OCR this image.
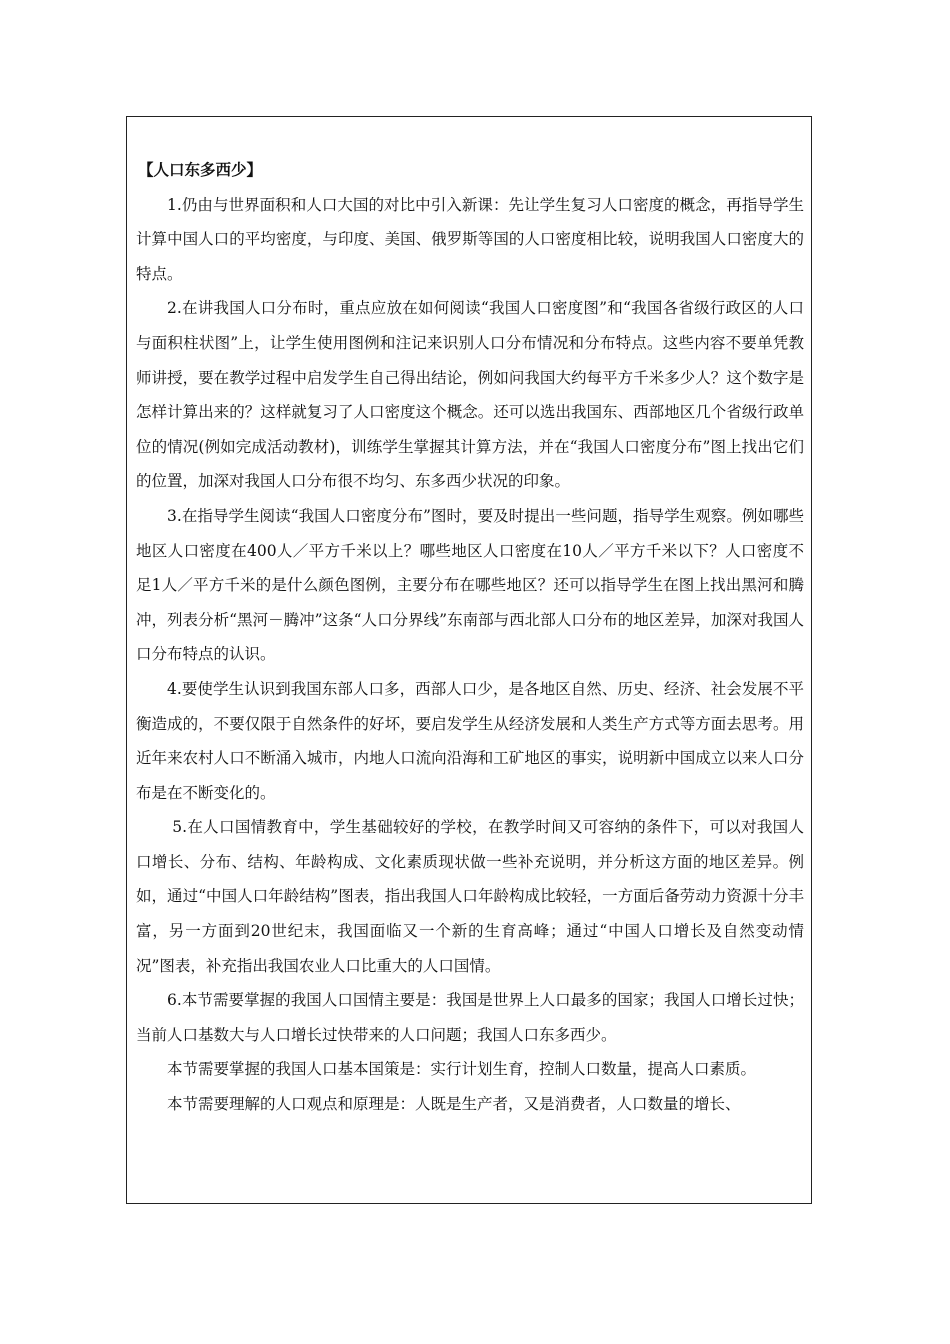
【人口东多西少】

1.仍由与世界面积和人口大国的对比中引入新课：先让学生复习人口密度的概念，再指导学生计算中国人口的平均密度，与印度、美国、俄罗斯等国的人口密度相比较，说明我国人口密度大的特点。

2.在讲我国人口分布时，重点应放在如何阅读“我国人口密度图”和“我国各省级行政区的人口与面积柱状图”上，让学生使用图例和注记来识别人口分布情况和分布特点。这些内容不要单凭教师讲授，要在教学过程中启发学生自己得出结论，例如问我国大约每平方千米多少人？这个数字是怎样计算出来的？这样就复习了人口密度这个概念。还可以选出我国东、西部地区几个省级行政单位的情况(例如完成活动教材)，训练学生掌握其计算方法，并在“我国人口密度分布”图上找出它们的位置，加深对我国人口分布很不均匀、东多西少状况的印象。

3.在指导学生阅读“我国人口密度分布”图时，要及时提出一些问题，指导学生观察。例如哪些地区人口密度在400人／平方千米以上？哪些地区人口密度在10人／平方千米以下？人口密度不足1人／平方千米的是什么颜色图例，主要分布在哪些地区？还可以指导学生在图上找出黑河和腾冲，列表分析“黑河－腾冲”这条“人口分界线”东南部与西北部人口分布的地区差异，加深对我国人口分布特点的认识。

4.要使学生认识到我国东部人口多，西部人口少，是各地区自然、历史、经济、社会发展不平衡造成的，不要仅限于自然条件的好坏，要启发学生从经济发展和人类生产方式等方面去思考。用近年来农村人口不断涌入城市，内地人口流向沿海和工矿地区的事实，说明新中国成立以来人口分布是在不断变化的。

5.在人口国情教育中，学生基础较好的学校，在教学时间又可容纳的条件下，可以对我国人口增长、分布、结构、年龄构成、文化素质现状做一些补充说明，并分析这方面的地区差异。例如，通过“中国人口年龄结构”图表，指出我国人口年龄构成比较轻，一方面后备劳动力资源十分丰富，另一方面到20世纪末，我国面临又一个新的生育高峰；通过“中国人口增长及自然变动情况”图表，补充指出我国农业人口比重大的人口国情。

6.本节需要掌握的我国人口国情主要是：我国是世界上人口最多的国家；我国人口增长过快；当前人口基数大与人口增长过快带来的人口问题；我国人口东多西少。

本节需要掌握的我国人口基本国策是：实行计划生育，控制人口数量，提高人口素质。

本节需要理解的人口观点和原理是：人既是生产者，又是消费者，人口数量的增长、
